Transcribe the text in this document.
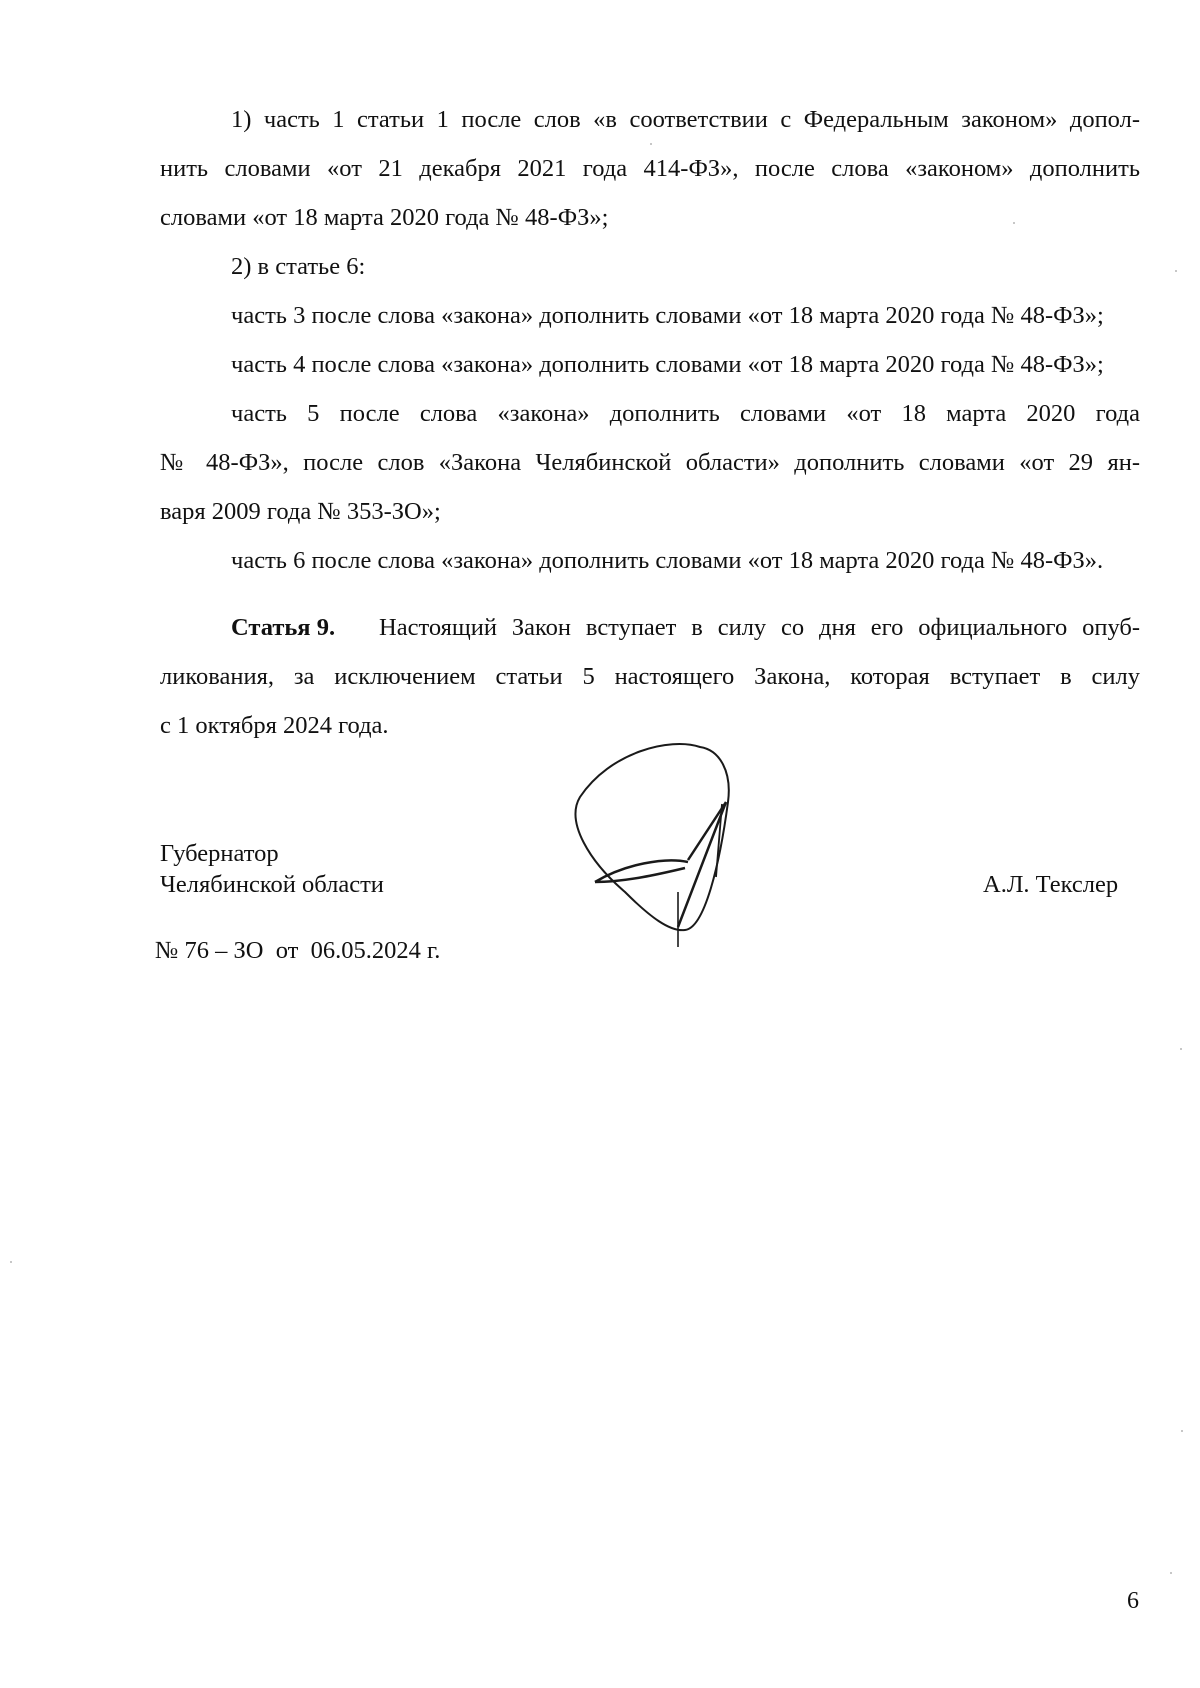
1) часть 1 статьи 1 после слов «в соответствии с Федеральным законом» допол-
нить словами «от 21 декабря 2021 года 414-ФЗ», после слова «законом» дополнить
словами «от 18 марта 2020 года № 48-ФЗ»;
2) в статье 6:
часть 3 после слова «закона» дополнить словами «от 18 марта 2020 года № 48-ФЗ»;
часть 4 после слова «закона» дополнить словами «от 18 марта 2020 года № 48-ФЗ»;
часть 5 после слова «закона» дополнить словами «от 18 марта 2020 года
№ 48-ФЗ», после слов «Закона Челябинской области» дополнить словами «от 29 ян-
варя 2009 года № 353-ЗО»;
часть 6 после слова «закона» дополнить словами «от 18 марта 2020 года № 48-ФЗ».
Статья 9.	Настоящий Закон вступает в силу со дня его официального опуб-
ликования, за исключением статьи 5 настоящего Закона, которая вступает в силу
с 1 октября 2024 года.
Губернатор
Челябинской области	А.Л. Текслер
№ 76 – ЗО  от  06.05.2024 г.
6
